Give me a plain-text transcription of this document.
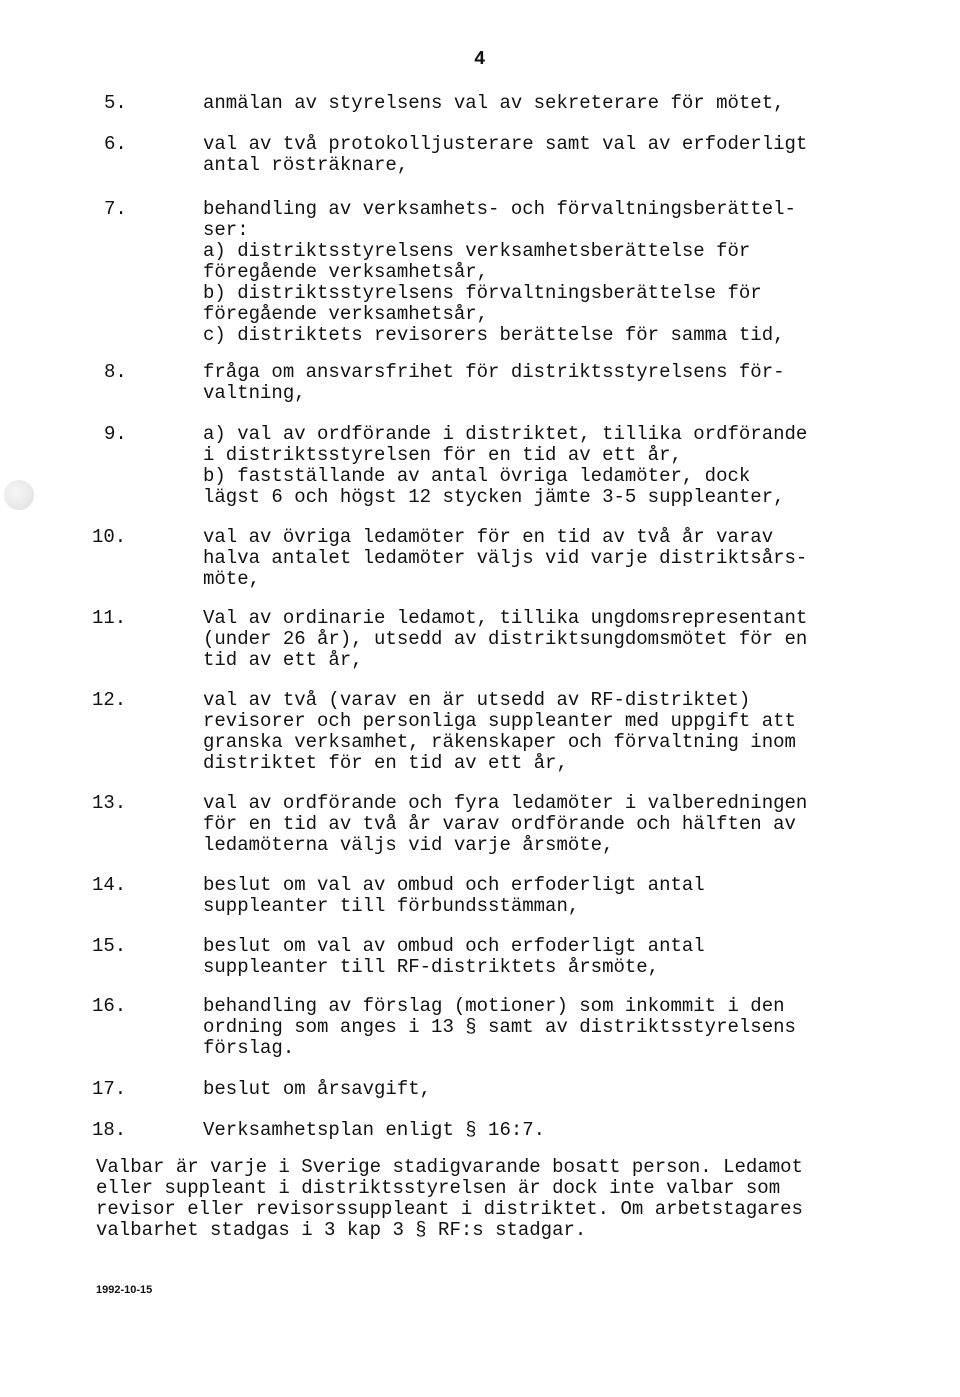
4
5.	anmälan av styrelsens val av sekreterare för mötet,
6.	val av två protokolljusterare samt val av erfoderligt
antal rösträknare,
7.	behandling av verksamhets- och förvaltningsberättel-
ser:
a) distriktsstyrelsens verksamhetsberättelse för
föregående verksamhetsår,
b) distriktsstyrelsens förvaltningsberättelse för
föregående verksamhetsår,
c) distriktets revisorers berättelse för samma tid,
8.	fråga om ansvarsfrihet för distriktsstyrelsens för-
valtning,
9.	a) val av ordförande i distriktet, tillika ordförande
i distriktsstyrelsen för en tid av ett år,
b) fastställande av antal övriga ledamöter, dock
lägst 6 och högst 12 stycken jämte 3-5 suppleanter,
10.	val av övriga ledamöter för en tid av två år varav
halva antalet ledamöter väljs vid varje distriktsårs-
möte,
11.	Val av ordinarie ledamot, tillika ungdomsrepresentant
(under 26 år), utsedd av distriktsungdomsmötet för en
tid av ett år,
12.	val av två (varav en är utsedd av RF-distriktet)
revisorer och personliga suppleanter med uppgift att
granska verksamhet, räkenskaper och förvaltning inom
distriktet för en tid av ett år,
13.	val av ordförande och fyra ledamöter i valberedningen
för en tid av två år varav ordförande och hälften av
ledamöterna väljs vid varje årsmöte,
14.	beslut om val av ombud och erfoderligt antal
suppleanter till förbundsstämman,
15.	beslut om val av ombud och erfoderligt antal
suppleanter till RF-distriktets årsmöte,
16.	behandling av förslag (motioner) som inkommit i den
ordning som anges i 13 § samt av distriktsstyrelsens
förslag.
17.	beslut om årsavgift,
18.	Verksamhetsplan enligt § 16:7.
Valbar är varje i Sverige stadigvarande bosatt person. Ledamot
eller suppleant i distriktsstyrelsen är dock inte valbar som
revisor eller revisorssuppleant i distriktet. Om arbetstagares
valbarhet stadgas i 3 kap 3 § RF:s stadgar.
1992-10-15
